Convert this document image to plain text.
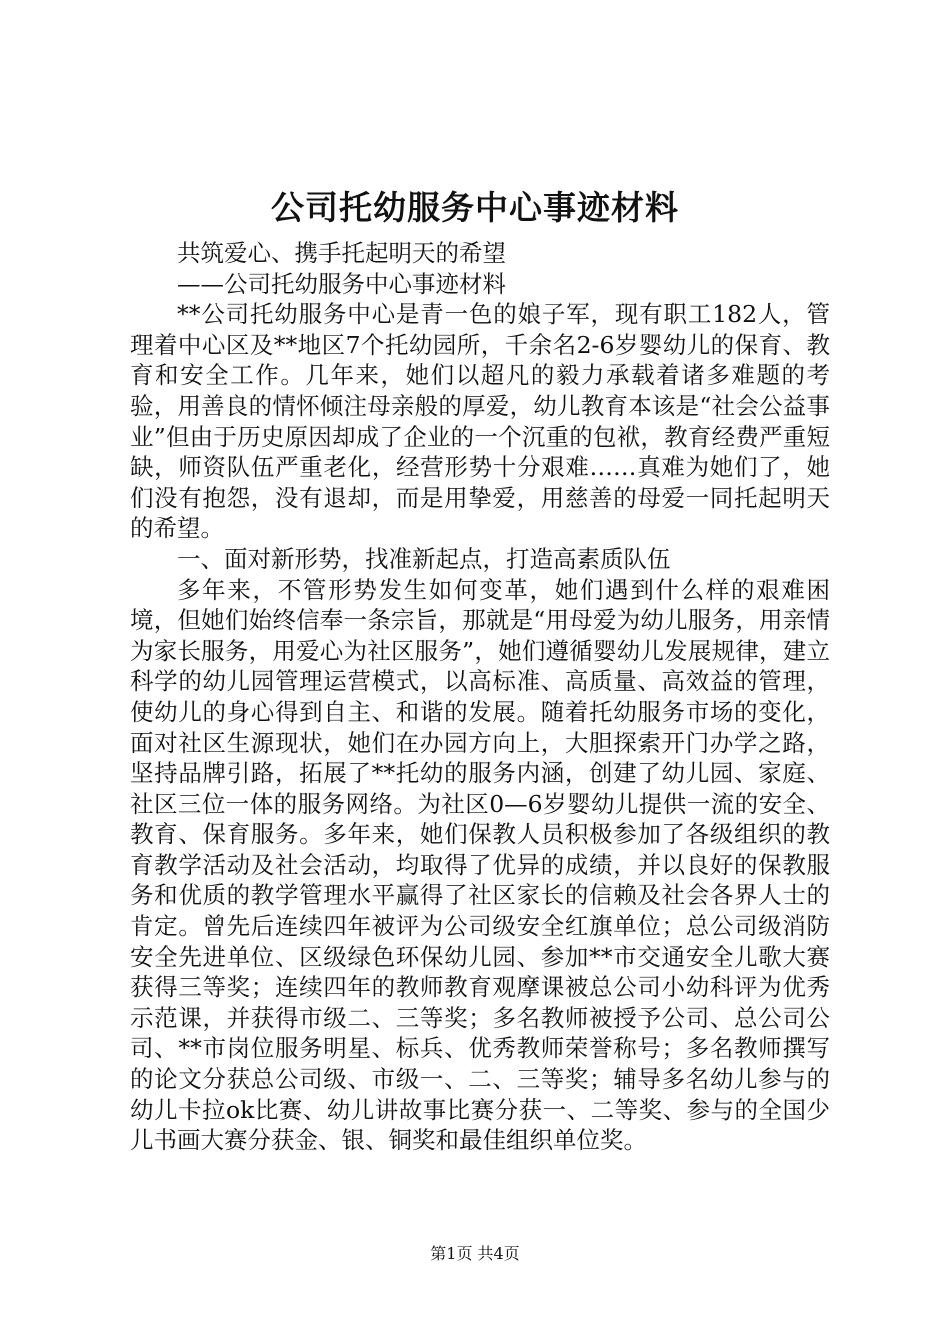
公司托幼服务中心事迹材料

共筑爱心、携手托起明天的希望

——公司托幼服务中心事迹材料

**公司托幼服务中心是青一色的娘子军，现有职工182人，管理着中心区及**地区7个托幼园所，千余名2-6岁婴幼儿的保育、教育和安全工作。几年来，她们以超凡的毅力承载着诸多难题的考验，用善良的情怀倾注母亲般的厚爱，幼儿教育本该是“社会公益事业”但由于历史原因却成了企业的一个沉重的包袱，教育经费严重短缺，师资队伍严重老化，经营形势十分艰难……真难为她们了，她们没有抱怨，没有退却，而是用挚爱，用慈善的母爱一同托起明天的希望。

一、面对新形势，找准新起点，打造高素质队伍

多年来，不管形势发生如何变革，她们遇到什么样的艰难困境，但她们始终信奉一条宗旨，那就是“用母爱为幼儿服务，用亲情为家长服务，用爱心为社区服务”，她们遵循婴幼儿发展规律，建立科学的幼儿园管理运营模式，以高标准、高质量、高效益的管理，使幼儿的身心得到自主、和谐的发展。随着托幼服务市场的变化，面对社区生源现状，她们在办园方向上，大胆探索开门办学之路，坚持品牌引路，拓展了**托幼的服务内涵，创建了幼儿园、家庭、社区三位一体的服务网络。为社区0—6岁婴幼儿提供一流的安全、教育、保育服务。多年来，她们保教人员积极参加了各级组织的教育教学活动及社会活动，均取得了优异的成绩，并以良好的保教服务和优质的教学管理水平赢得了社区家长的信赖及社会各界人士的肯定。曾先后连续四年被评为公司级安全红旗单位；总公司级消防安全先进单位、区级绿色环保幼儿园、参加**市交通安全儿歌大赛获得三等奖；连续四年的教师教育观摩课被总公司小幼科评为优秀示范课，并获得市级二、三等奖；多名教师被授予公司、总公司公司、**市岗位服务明星、标兵、优秀教师荣誉称号；多名教师撰写的论文分获总公司级、市级一、二、三等奖；辅导多名幼儿参与的幼儿卡拉ok比赛、幼儿讲故事比赛分获一、二等奖、参与的全国少儿书画大赛分获金、银、铜奖和最佳组织单位奖。

第1页 共4页
